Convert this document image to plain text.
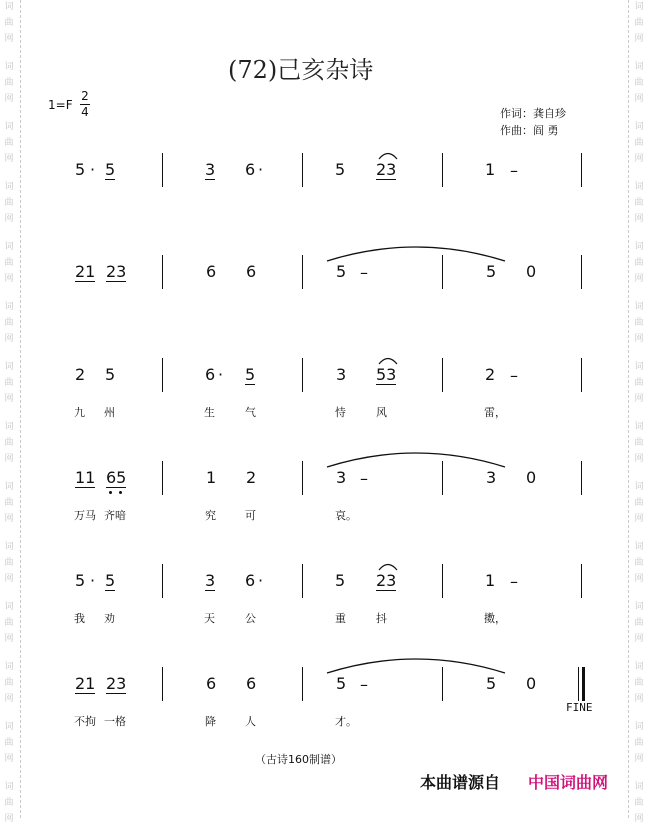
词
曲
网
词
曲
网
词
曲
网
词
曲
网
词
曲
网
词
曲
网
词
曲
网
词
曲
网
词
曲
网
词
曲
网
词
曲
网
词
曲
网
词
曲
网
词
曲
网
词
曲
网
词
曲
网
词
曲
网
词
曲
网
词
曲
网
词
曲
网
词
曲
网
词
曲
网
词
曲
网
词
曲
网
词
曲
网
词
曲
网
词
曲
网
词
曲
网
(72)己亥杂诗
1=F
2
4	作词：龚自珍
作曲：阎 勇
5 · 5	3 6 ·	5 23	1 –
21 23	6 6	5 –	5 0
2 5	6 · 5	3 53	2 –
九 州	生	气	恃	风	雷，
11 65	1 2	3 –	3 0
万马 齐喑	究	可	哀。
5 · 5	3 6 ·	5 23	1 –
我 劝	天	公	重	抖	擞，
21 23	6 6	5 –	5 0
FINE
不拘 一格	降	人	才。
（古诗160制谱）
本曲谱源自 中国词曲网
